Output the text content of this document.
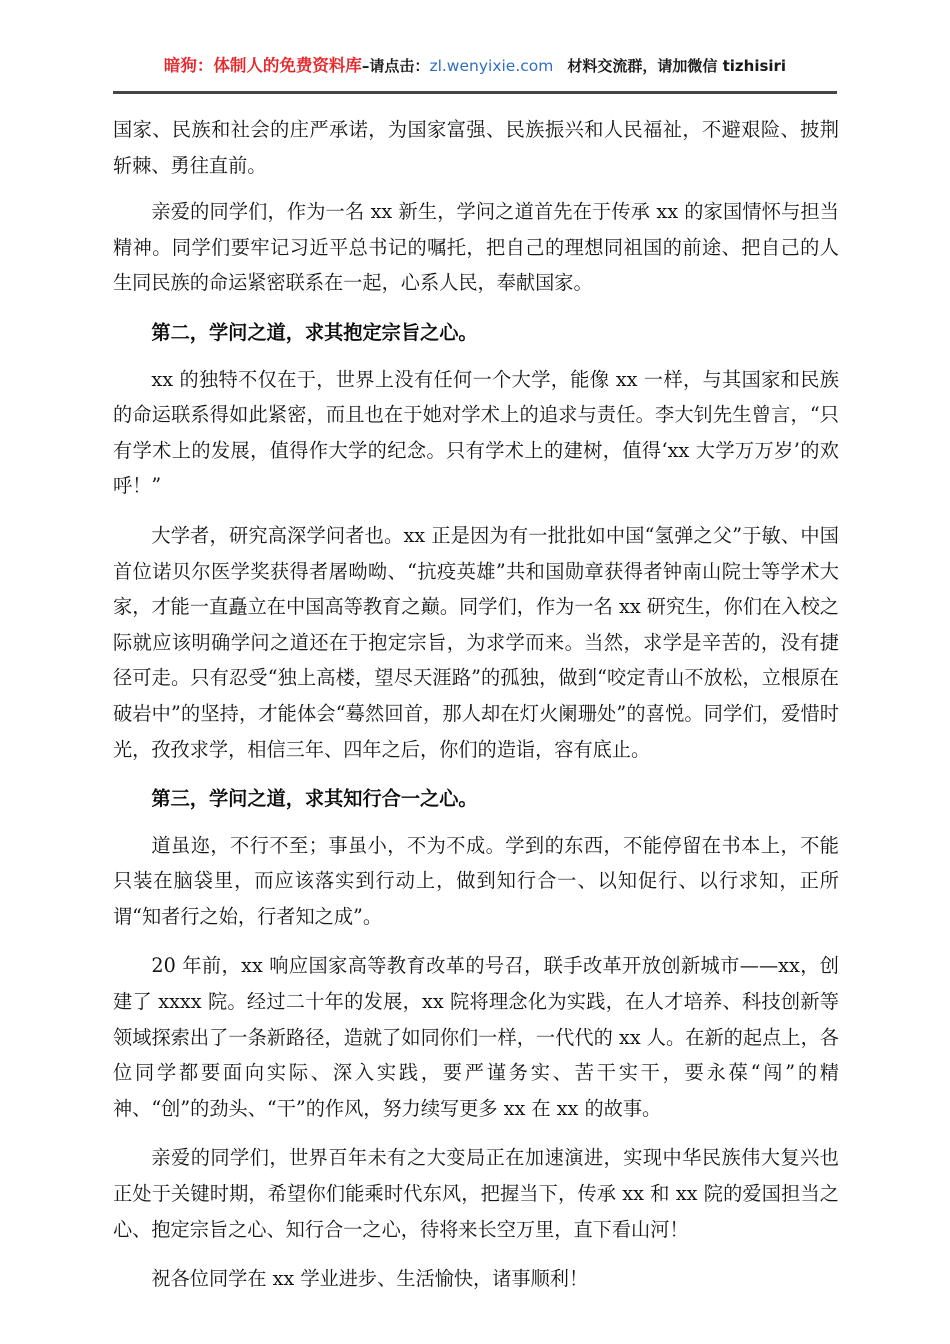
暗狗：体制人的免费资料库–请点击：zl.wenyixie.com 材料交流群，请加微信 tizhisiri

国家、民族和社会的庄严承诺，为国家富强、民族振兴和人民福祉，不避艰险、披荆斩棘、勇往直前。

亲爱的同学们，作为一名 xx 新生，学问之道首先在于传承 xx 的家国情怀与担当精神。同学们要牢记习近平总书记的嘱托，把自己的理想同祖国的前途、把自己的人生同民族的命运紧密联系在一起，心系人民，奉献国家。

第二，学问之道，求其抱定宗旨之心。

xx 的独特不仅在于，世界上没有任何一个大学，能像 xx 一样，与其国家和民族的命运联系得如此紧密，而且也在于她对学术上的追求与责任。李大钊先生曾言，“只有学术上的发展，值得作大学的纪念。只有学术上的建树，值得‘xx 大学万万岁’的欢呼！”

大学者，研究高深学问者也。xx 正是因为有一批批如中国“氢弹之父”于敏、中国首位诺贝尔医学奖获得者屠呦呦、“抗疫英雄”共和国勋章获得者钟南山院士等学术大家，才能一直矗立在中国高等教育之巅。同学们，作为一名 xx 研究生，你们在入校之际就应该明确学问之道还在于抱定宗旨，为求学而来。当然，求学是辛苦的，没有捷径可走。只有忍受“独上高楼，望尽天涯路”的孤独，做到“咬定青山不放松，立根原在破岩中”的坚持，才能体会“蓦然回首，那人却在灯火阑珊处”的喜悦。同学们，爱惜时光，孜孜求学，相信三年、四年之后，你们的造诣，容有底止。

第三，学问之道，求其知行合一之心。

道虽迩，不行不至；事虽小，不为不成。学到的东西，不能停留在书本上，不能只装在脑袋里，而应该落实到行动上，做到知行合一、以知促行、以行求知，正所谓“知者行之始，行者知之成”。

20 年前，xx 响应国家高等教育改革的号召，联手改革开放创新城市——xx，创建了 xxxx 院。经过二十年的发展，xx 院将理念化为实践，在人才培养、科技创新等领域探索出了一条新路径，造就了如同你们一样，一代代的 xx 人。在新的起点上，各位同学都要面向实际、深入实践，要严谨务实、苦干实干，要永葆“闯”的精神、“创”的劲头、“干”的作风，努力续写更多 xx 在 xx 的故事。

亲爱的同学们，世界百年未有之大变局正在加速演进，实现中华民族伟大复兴也正处于关键时期，希望你们能乘时代东风，把握当下，传承 xx 和 xx 院的爱国担当之心、抱定宗旨之心、知行合一之心，待将来长空万里，直下看山河！

祝各位同学在 xx 学业进步、生活愉快，诸事顺利！
